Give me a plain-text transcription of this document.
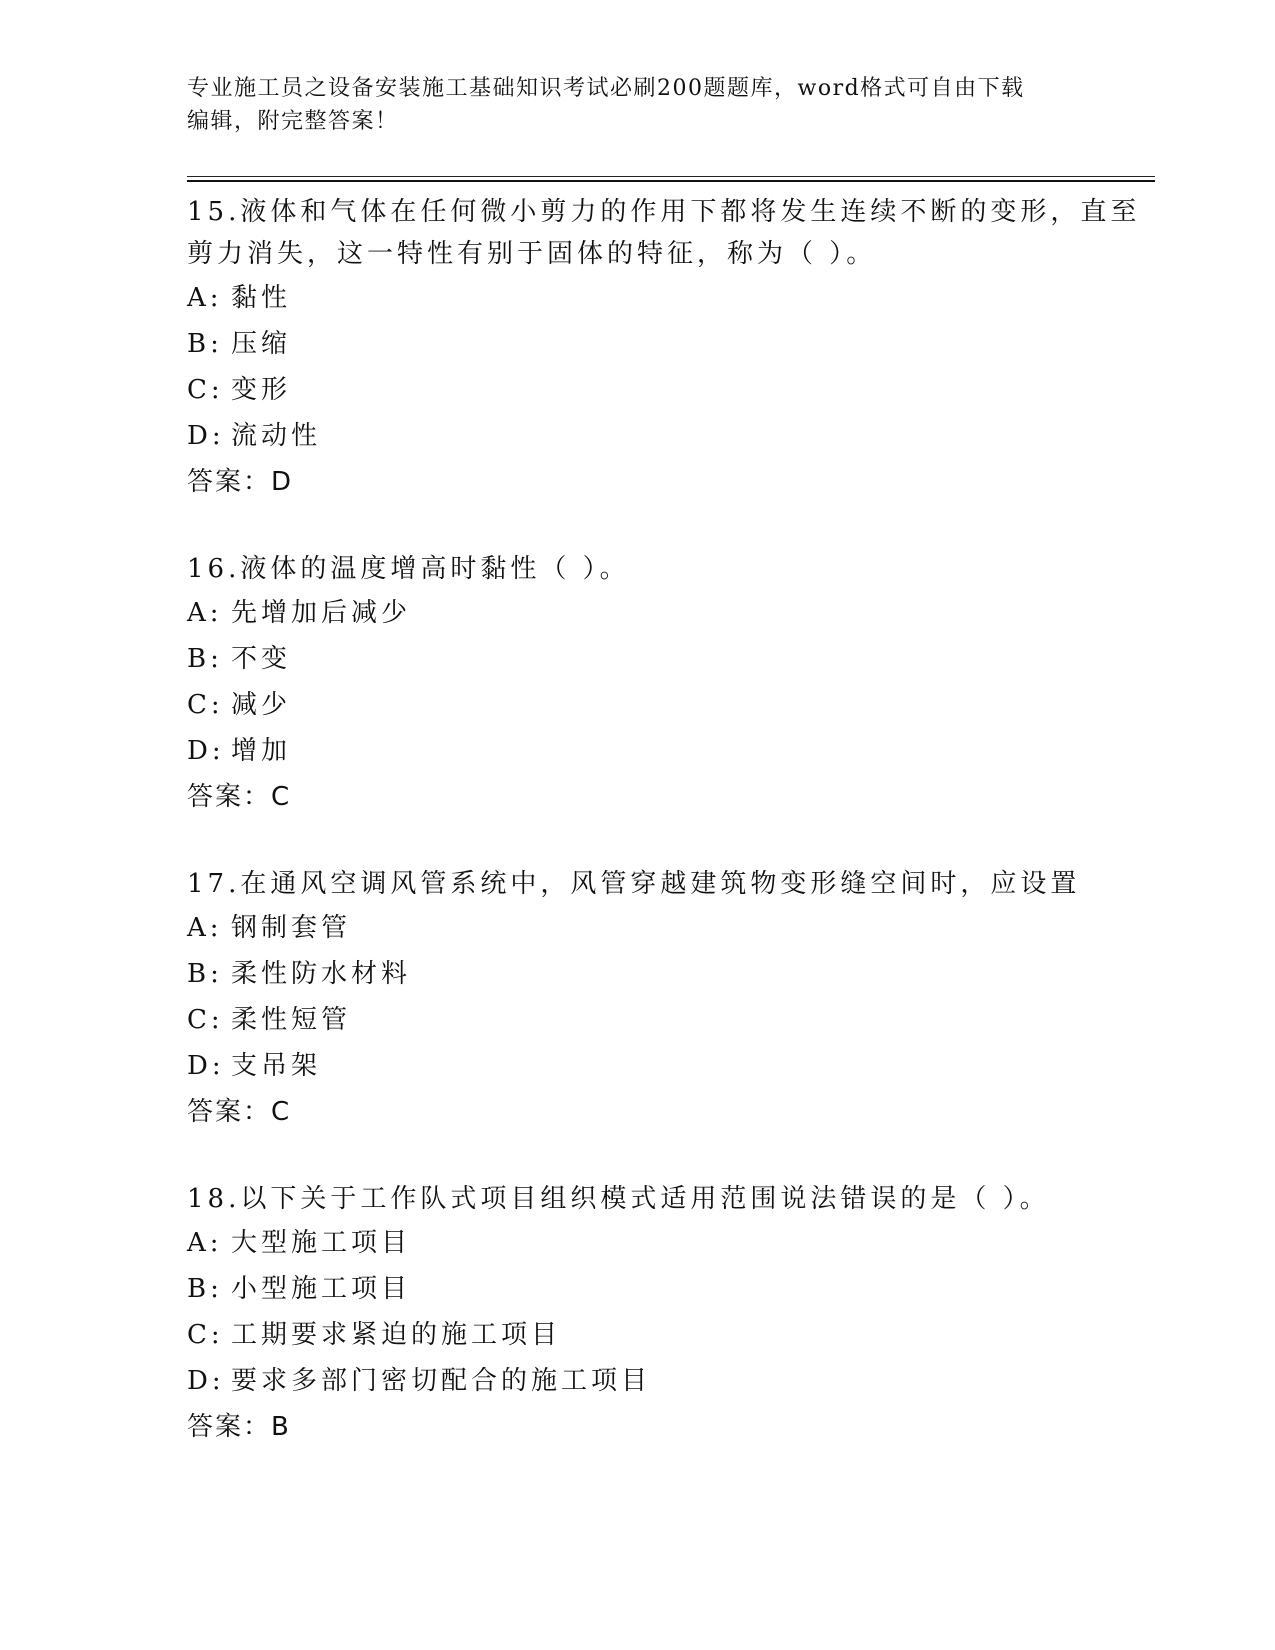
专业施工员之设备安装施工基础知识考试必刷200题题库，word格式可自由下载
编辑，附完整答案！

15.液体和气体在任何微小剪力的作用下都将发生连续不断的变形，直至剪力消失，这一特性有别于固体的特征，称为（ ）。

A: 黏性

B: 压缩

C: 变形

D: 流动性

答案：D

16.液体的温度增高时黏性（ ）。

A: 先增加后减少

B: 不变

C: 减少

D: 增加

答案：C

17.在通风空调风管系统中，风管穿越建筑物变形缝空间时，应设置

A: 钢制套管

B: 柔性防水材料

C: 柔性短管

D: 支吊架

答案：C

18.以下关于工作队式项目组织模式适用范围说法错误的是（ ）。

A: 大型施工项目

B: 小型施工项目

C: 工期要求紧迫的施工项目

D: 要求多部门密切配合的施工项目

答案：B
